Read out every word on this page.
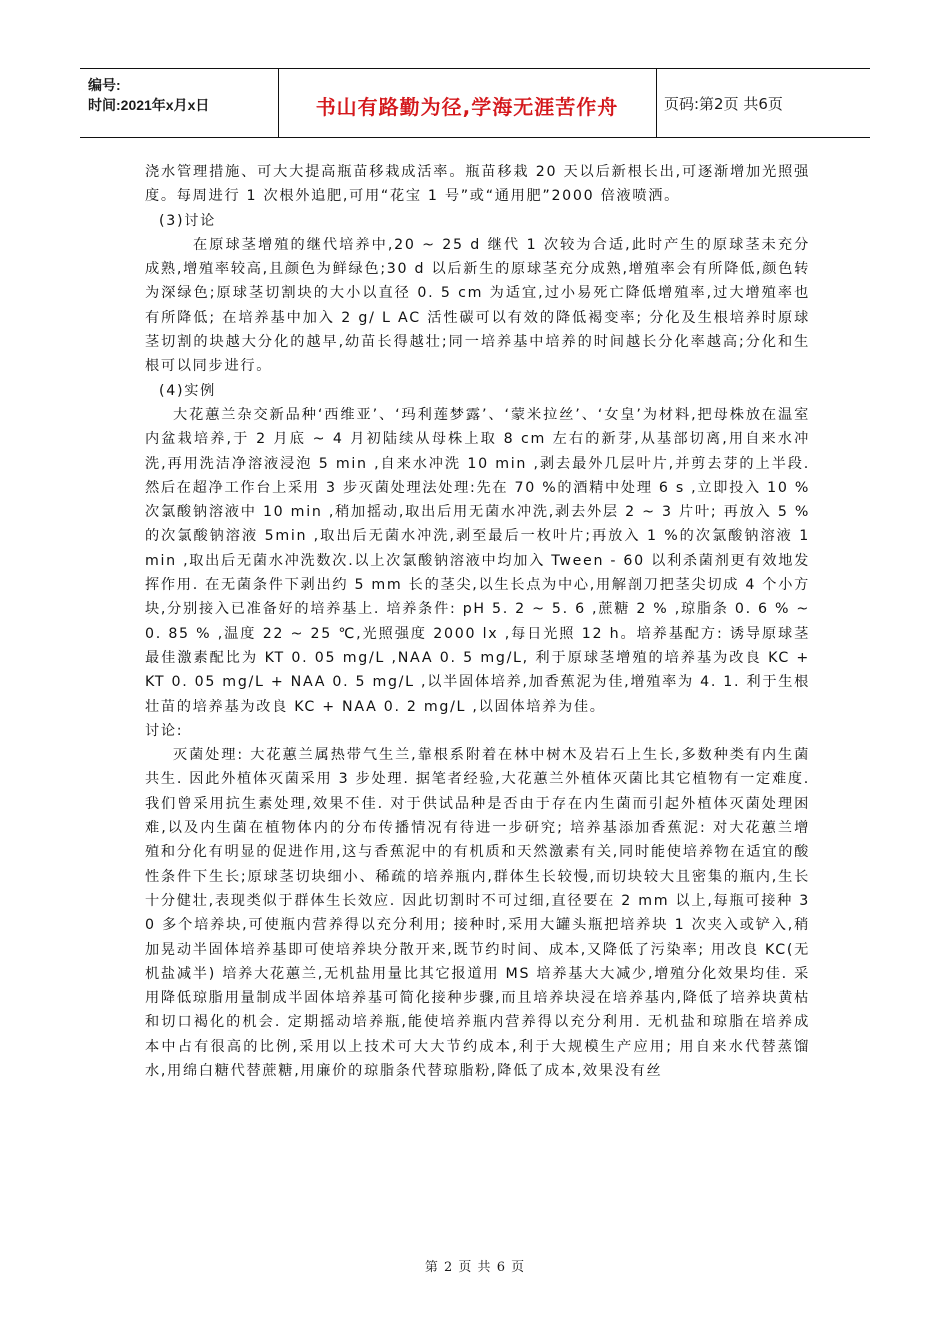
编号:
时间:2021年x月x日	书山有路勤为径,学海无涯苦作舟	页码:第2页 共6页

浇水管理措施、可大大提高瓶苗移栽成活率。瓶苗移栽 20 天以后新根长出,可逐渐增加光照强度。每周进行 1 次根外追肥,可用“花宝 1 号”或“通用肥”2000 倍液喷洒。

(3)讨论

在原球茎增殖的继代培养中,20 ~ 25 d 继代 1 次较为合适,此时产生的原球茎未充分成熟,增殖率较高,且颜色为鲜绿色;30 d 以后新生的原球茎充分成熟,增殖率会有所降低,颜色转为深绿色;原球茎切割块的大小以直径 0. 5 cm 为适宜,过小易死亡降低增殖率,过大增殖率也有所降低; 在培养基中加入 2 g/ L AC 活性碳可以有效的降低褐变率; 分化及生根培养时原球茎切割的块越大分化的越早,幼苗长得越壮;同一培养基中培养的时间越长分化率越高;分化和生根可以同步进行。

(4)实例

大花蕙兰杂交新品种‘西维亚’、‘玛利莲梦露’、‘蒙米拉丝’、‘女皇’为材料,把母株放在温室内盆栽培养,于 2 月底 ~ 4 月初陆续从母株上取 8 cm 左右的新芽,从基部切离,用自来水冲洗,再用洗洁净溶液浸泡 5 min ,自来水冲洗 10 min ,剥去最外几层叶片,并剪去芽的上半段. 然后在超净工作台上采用 3 步灭菌处理法处理:先在 70 %的酒精中处理 6 s ,立即投入 10 %次氯酸钠溶液中 10 min ,稍加摇动,取出后用无菌水冲洗,剥去外层 2 ~ 3 片叶; 再放入 5 %的次氯酸钠溶液 5min ,取出后无菌水冲洗,剥至最后一枚叶片;再放入 1 %的次氯酸钠溶液 1 min ,取出后无菌水冲洗数次.以上次氯酸钠溶液中均加入 Tween - 60 以利杀菌剂更有效地发挥作用. 在无菌条件下剥出约 5 mm 长的茎尖,以生长点为中心,用解剖刀把茎尖切成 4 个小方块,分别接入已准备好的培养基上. 培养条件: pH 5. 2 ~ 5. 6 ,蔗糖 2 % ,琼脂条 0. 6 % ~ 0. 85 % ,温度 22 ~ 25 ℃,光照强度 2000 lx ,每日光照 12 h。培养基配方: 诱导原球茎最佳激素配比为 KT 0. 05 mg/L ,NAA 0. 5 mg/L, 利于原球茎增殖的培养基为改良 KC + KT 0. 05 mg/L + NAA 0. 5 mg/L ,以半固体培养,加香蕉泥为佳,增殖率为 4. 1. 利于生根壮苗的培养基为改良 KC + NAA 0. 2 mg/L ,以固体培养为佳。

讨论:

灭菌处理: 大花蕙兰属热带气生兰,靠根系附着在林中树木及岩石上生长,多数种类有内生菌共生. 因此外植体灭菌采用 3 步处理. 据笔者经验,大花蕙兰外植体灭菌比其它植物有一定难度. 我们曾采用抗生素处理,效果不佳. 对于供试品种是否由于存在内生菌而引起外植体灭菌处理困难,以及内生菌在植物体内的分布传播情况有待进一步研究; 培养基添加香蕉泥: 对大花蕙兰增殖和分化有明显的促进作用,这与香蕉泥中的有机质和天然激素有关,同时能使培养物在适宜的酸性条件下生长;原球茎切块细小、稀疏的培养瓶内,群体生长较慢,而切块较大且密集的瓶内,生长十分健壮,表现类似于群体生长效应. 因此切割时不可过细,直径要在 2 mm 以上,每瓶可接种 30 多个培养块,可使瓶内营养得以充分利用; 接种时,采用大罐头瓶把培养块 1 次夹入或铲入,稍加晃动半固体培养基即可使培养块分散开来,既节约时间、成本,又降低了污染率; 用改良 KC(无机盐减半) 培养大花蕙兰,无机盐用量比其它报道用 MS 培养基大大减少,增殖分化效果均佳. 采用降低琼脂用量制成半固体培养基可简化接种步骤,而且培养块浸在培养基内,降低了培养块黄枯和切口褐化的机会. 定期摇动培养瓶,能使培养瓶内营养得以充分利用. 无机盐和琼脂在培养成本中占有很高的比例,采用以上技术可大大节约成本,利于大规模生产应用; 用自来水代替蒸馏水,用绵白糖代替蔗糖,用廉价的琼脂条代替琼脂粉,降低了成本,效果没有丝

第 2 页 共 6 页
